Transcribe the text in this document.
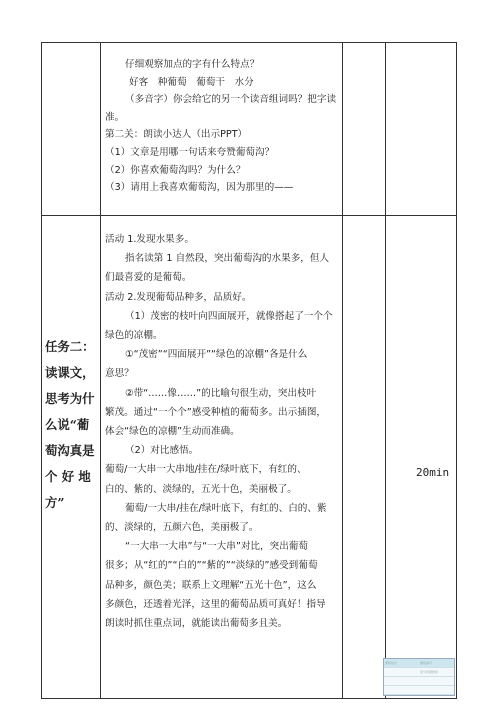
仔细观察加点的字有什么特点？

好客　种葡萄　葡萄干　水分

（多音字）你会给它的另一个读音组词吗？把字读

准。

第二关：朗读小达人（出示PPT）

（1）文章是用哪一句话来夸赞葡萄沟？

（2）你喜欢葡萄沟吗？为什么？

（3）请用上我喜欢葡萄沟，因为那里的——

任务二：
读课文，
思考为什
么说“葡
萄沟真是
个 好 地
方”

活动 1.发现水果多。

指名读第 1 自然段，突出葡萄沟的水果多，但人

们最喜爱的是葡萄。

活动 2.发现葡萄品种多，品质好。

（1）茂密的枝叶向四面展开，就像搭起了一个个

绿色的凉棚。

①“茂密”“四面展开”“绿色的凉棚”各是什么

意思？

②带“……像……”的比喻句很生动，突出枝叶

繁茂。通过“一个个”感受种植的葡萄多。出示插图，

体会“绿色的凉棚”生动而准确。

（2）对比感悟。

葡萄/一大串一大串地/挂在/绿叶底下，有红的、

白的、紫的、淡绿的，五光十色，美丽极了。

葡萄/一大串/挂在/绿叶底下，有红的、白的、紫

的、淡绿的，五颜六色，美丽极了。

“一大串一大串”与“一大串”对比，突出葡萄

很多；从“红的”“白的”“紫的”“淡绿的”感受到葡萄

品种多，颜色美；联系上文理解“五光十色”，这么

多颜色，还透着光泽，这里的葡萄品质可真好！指导

朗读时抓住重点词，就能读出葡萄多且美。

20min
课程信息	课程编号
部分授课教师
